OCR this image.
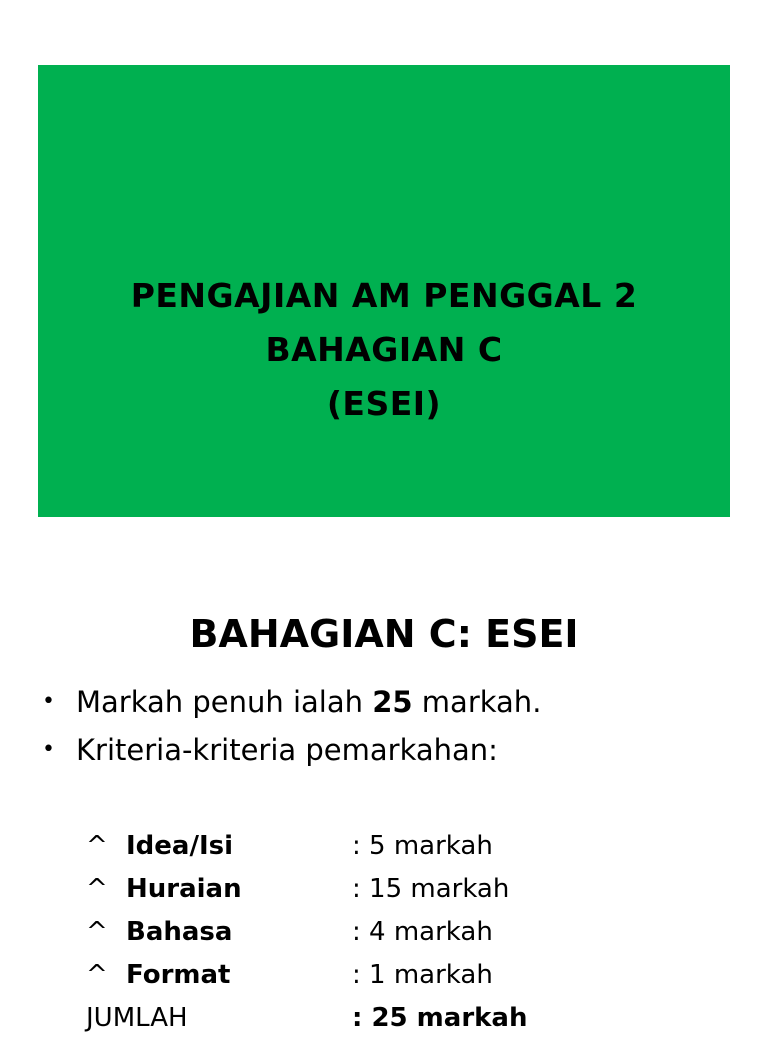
PENGAJIAN AM PENGGAL 2
BAHAGIAN C
(ESEI)
BAHAGIAN C: ESEI
• Markah penuh ialah 25 markah.
• Kriteria-kriteria pemarkahan:
^ Idea/Isi	: 5 markah
^ Huraian	: 15 markah
^ Bahasa	: 4 markah
^ Format	: 1 markah
JUMLAH	: 25 markah
